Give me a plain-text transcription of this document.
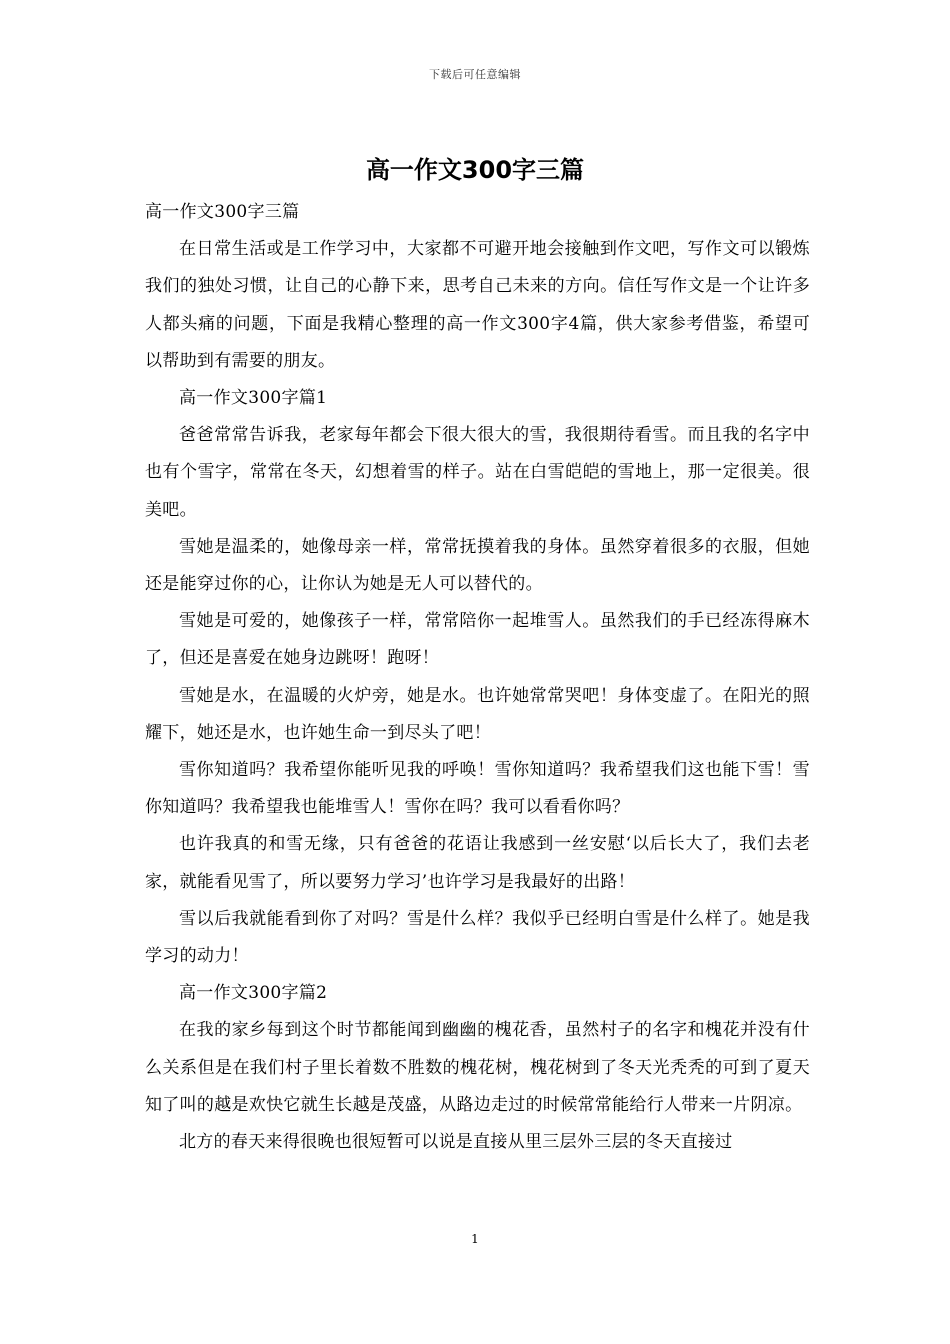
下载后可任意编辑
高一作文300字三篇

高一作文300字三篇

在日常生活或是工作学习中，大家都不可避开地会接触到作文吧，写作文可以锻炼我们的独处习惯，让自己的心静下来，思考自己未来的方向。信任写作文是一个让许多人都头痛的问题，下面是我精心整理的高一作文300字4篇，供大家参考借鉴，希望可以帮助到有需要的朋友。

高一作文300字篇1

爸爸常常告诉我，老家每年都会下很大很大的雪，我很期待看雪。而且我的名字中也有个雪字，常常在冬天，幻想着雪的样子。站在白雪皑皑的雪地上，那一定很美。很美吧。

雪她是温柔的，她像母亲一样，常常抚摸着我的身体。虽然穿着很多的衣服，但她还是能穿过你的心，让你认为她是无人可以替代的。

雪她是可爱的，她像孩子一样，常常陪你一起堆雪人。虽然我们的手已经冻得麻木了，但还是喜爱在她身边跳呀！跑呀！

雪她是水，在温暖的火炉旁，她是水。也许她常常哭吧！身体变虚了。在阳光的照耀下，她还是水，也许她生命一到尽头了吧！

雪你知道吗？我希望你能听见我的呼唤！雪你知道吗？我希望我们这也能下雪！雪你知道吗？我希望我也能堆雪人！雪你在吗？我可以看看你吗？

也许我真的和雪无缘，只有爸爸的花语让我感到一丝安慰‘以后长大了，我们去老家，就能看见雪了，所以要努力学习’也许学习是我最好的出路！

雪以后我就能看到你了对吗？雪是什么样？我似乎已经明白雪是什么样了。她是我学习的动力！

高一作文300字篇2

在我的家乡每到这个时节都能闻到幽幽的槐花香，虽然村子的名字和槐花并没有什么关系但是在我们村子里长着数不胜数的槐花树，槐花树到了冬天光秃秃的可到了夏天知了叫的越是欢快它就生长越是茂盛，从路边走过的时候常常能给行人带来一片阴凉。

北方的春天来得很晚也很短暂可以说是直接从里三层外三层的冬天直接过

1
